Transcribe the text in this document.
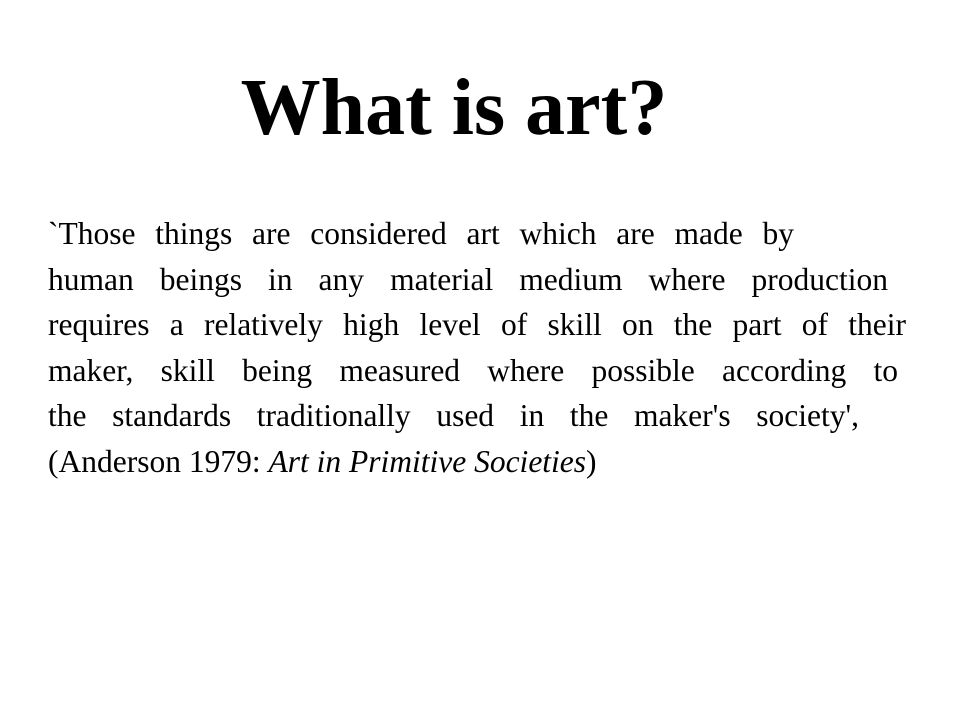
What is art?
`Those things are considered art which are made by
human beings in any material medium where production
requires a relatively high level of skill on the part of their
maker, skill being measured where possible according to
the standards traditionally used in the maker's society',
(Anderson 1979: Art in Primitive Societies)
